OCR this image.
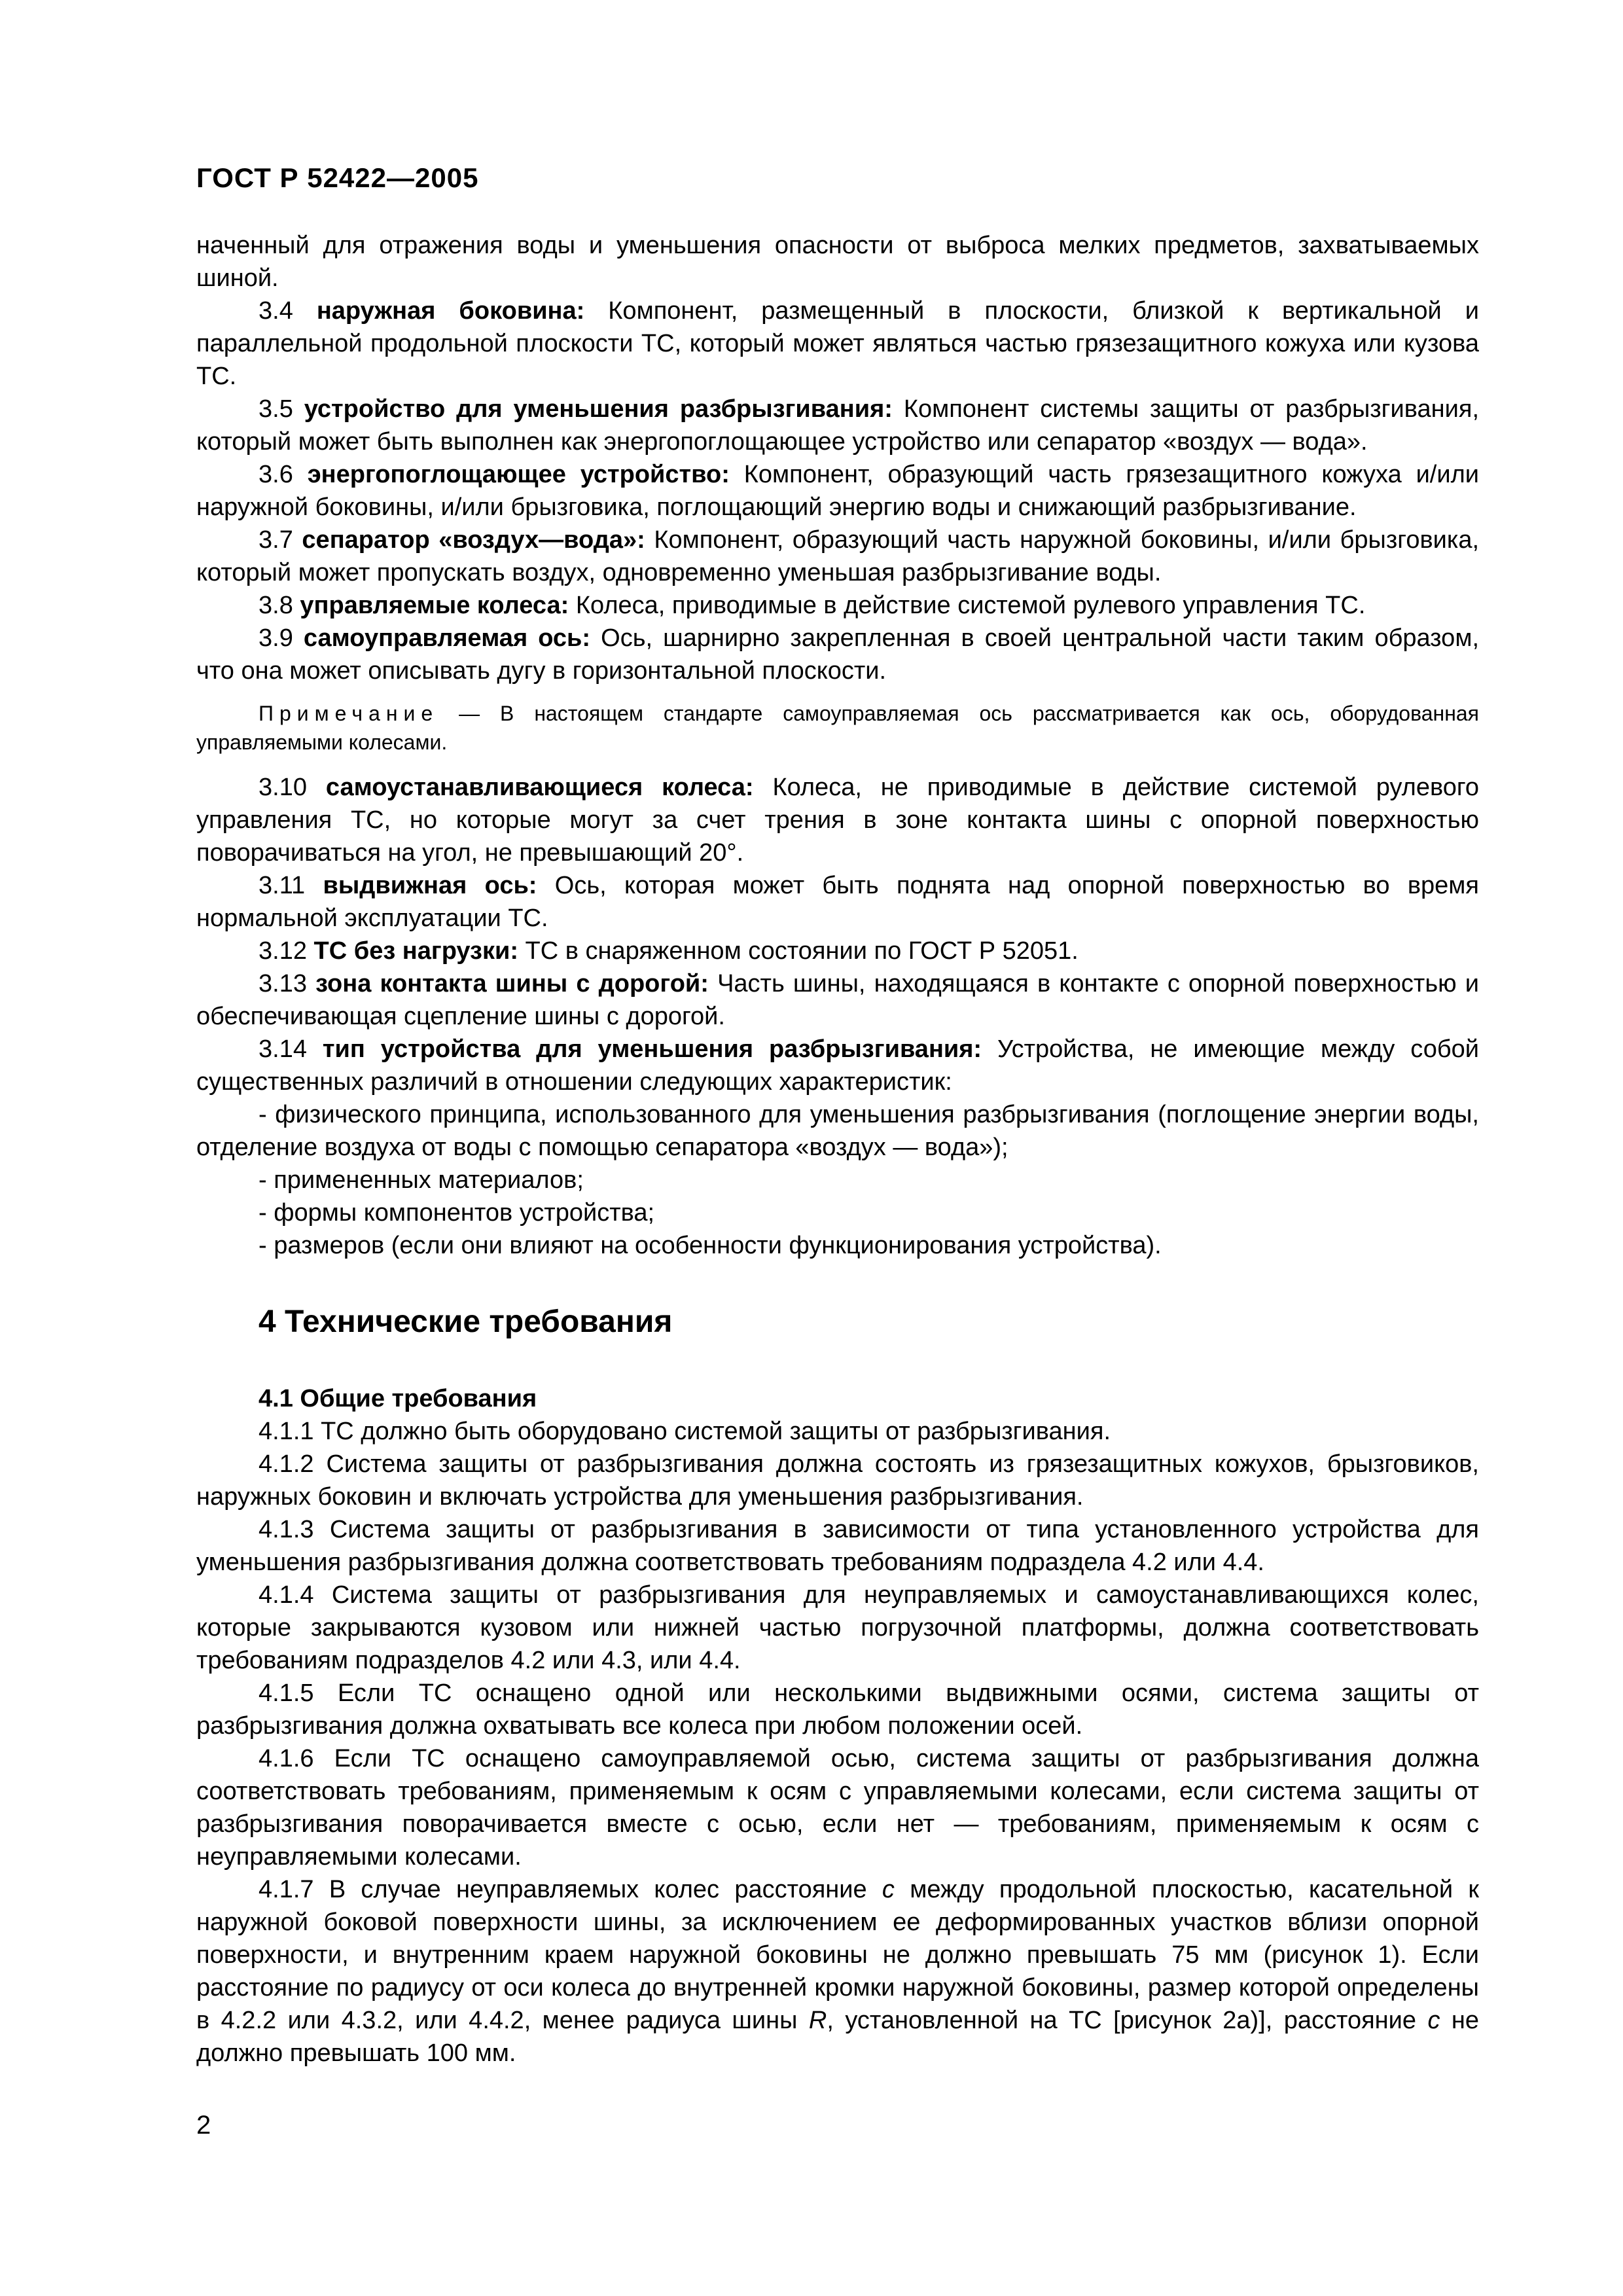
ГОСТ Р 52422—2005

наченный для отражения воды и уменьшения опасности от выброса мелких предметов, захватываемых шиной.

3.4 наружная боковина: Компонент, размещенный в плоскости, близкой к вертикальной и параллельной продольной плоскости ТС, который может являться частью грязезащитного кожуха или кузова ТС.

3.5 устройство для уменьшения разбрызгивания: Компонент системы защиты от разбрызгивания, который может быть выполнен как энергопоглощающее устройство или сепаратор «воздух — вода».

3.6 энергопоглощающее устройство: Компонент, образующий часть грязезащитного кожуха и/или наружной боковины, и/или брызговика, поглощающий энергию воды и снижающий разбрызгивание.

3.7 сепаратор «воздух—вода»: Компонент, образующий часть наружной боковины, и/или брызговика, который может пропускать воздух, одновременно уменьшая разбрызгивание воды.

3.8 управляемые колеса: Колеса, приводимые в действие системой рулевого управления ТС.

3.9 самоуправляемая ось: Ось, шарнирно закрепленная в своей центральной части таким образом, что она может описывать дугу в горизонтальной плоскости.

Примечание — В настоящем стандарте самоуправляемая ось рассматривается как ось, оборудованная управляемыми колесами.

3.10 самоустанавливающиеся колеса: Колеса, не приводимые в действие системой рулевого управления ТС, но которые могут за счет трения в зоне контакта шины с опорной поверхностью поворачиваться на угол, не превышающий 20°.

3.11 выдвижная ось: Ось, которая может быть поднята над опорной поверхностью во время нормальной эксплуатации ТС.

3.12 ТС без нагрузки: ТС в снаряженном состоянии по ГОСТ Р 52051.

3.13 зона контакта шины с дорогой: Часть шины, находящаяся в контакте с опорной поверхностью и обеспечивающая сцепление шины с дорогой.

3.14 тип устройства для уменьшения разбрызгивания: Устройства, не имеющие между собой существенных различий в отношении следующих характеристик:

- физического принципа, использованного для уменьшения разбрызгивания (поглощение энергии воды, отделение воздуха от воды с помощью сепаратора «воздух — вода»);

- примененных материалов;

- формы компонентов устройства;

- размеров (если они влияют на особенности функционирования устройства).

4 Технические требования

4.1 Общие требования

4.1.1 ТС должно быть оборудовано системой защиты от разбрызгивания.

4.1.2 Система защиты от разбрызгивания должна состоять из грязезащитных кожухов, брызговиков, наружных боковин и включать устройства для уменьшения разбрызгивания.

4.1.3 Система защиты от разбрызгивания в зависимости от типа установленного устройства для уменьшения разбрызгивания должна соответствовать требованиям подраздела 4.2 или 4.4.

4.1.4 Система защиты от разбрызгивания для неуправляемых и самоустанавливающихся колес, которые закрываются кузовом или нижней частью погрузочной платформы, должна соответствовать требованиям подразделов 4.2 или 4.3, или 4.4.

4.1.5 Если ТС оснащено одной или несколькими выдвижными осями, система защиты от разбрызгивания должна охватывать все колеса при любом положении осей.

4.1.6 Если ТС оснащено самоуправляемой осью, система защиты от разбрызгивания должна соответствовать требованиям, применяемым к осям с управляемыми колесами, если система защиты от разбрызгивания поворачивается вместе с осью, если нет — требованиям, применяемым к осям с неуправляемыми колесами.

4.1.7 В случае неуправляемых колес расстояние c между продольной плоскостью, касательной к наружной боковой поверхности шины, за исключением ее деформированных участков вблизи опорной поверхности, и внутренним краем наружной боковины не должно превышать 75 мм (рисунок 1). Если расстояние по радиусу от оси колеса до внутренней кромки наружной боковины, размер которой определены в 4.2.2 или 4.3.2, или 4.4.2, менее радиуса шины R, установленной на ТС [рисунок 2а)], расстояние c не должно превышать 100 мм.

2
